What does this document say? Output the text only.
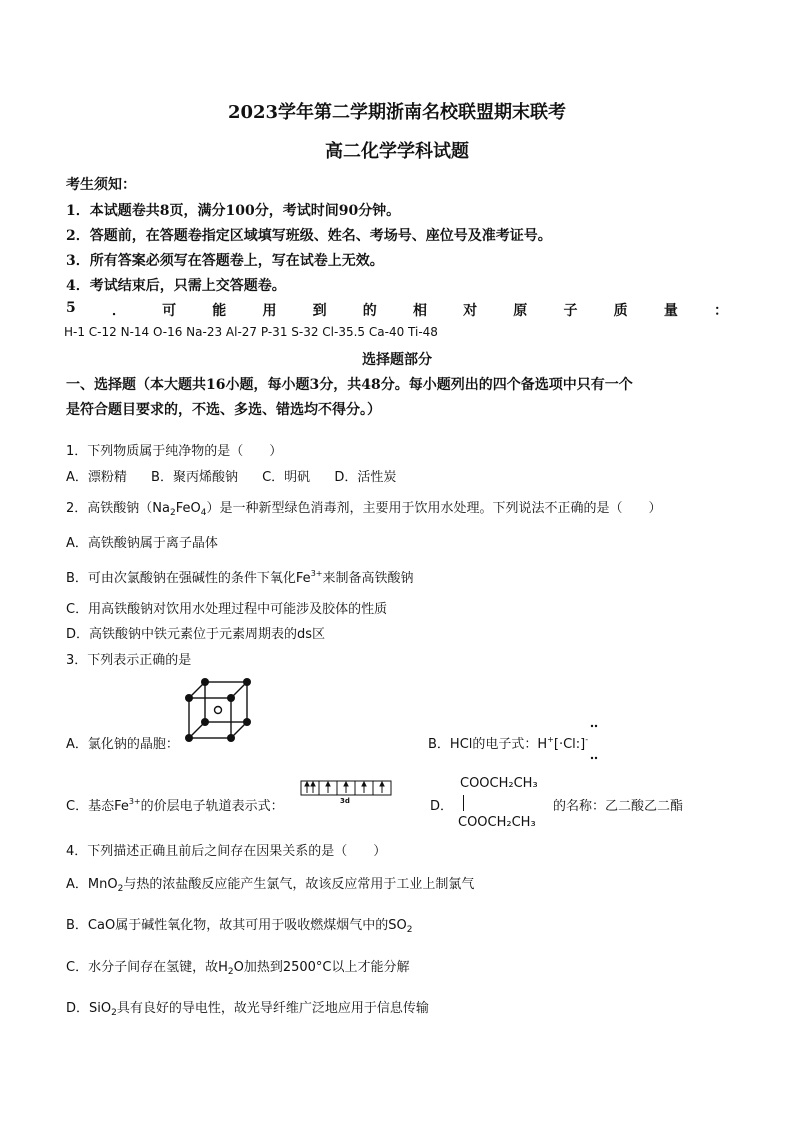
2023学年第二学期浙南名校联盟期末联考
高二化学学科试题
考生须知：
1．本试题卷共8页，满分100分，考试时间90分钟。
2．答题前，在答题卷指定区域填写班级、姓名、考场号、座位号及准考证号。
3．所有答案必须写在答题卷上，写在试卷上无效。
4．考试结束后，只需上交答题卷。
5	．	可	能	用	到	的	相	对	原	子	质	量	：
H-1 C-12 N-14 O-16 Na-23 Al-27 P-31 S-32 Cl-35.5 Ca-40 Ti-48
选择题部分
一、选择题（本大题共16小题，每小题3分，共48分。每小题列出的四个备选项中只有一个
是符合题目要求的，不选、多选、错选均不得分。）
1．下列物质属于纯净物的是（　　）
A．漂粉精 B．聚丙烯酸钠 C．明矾 D．活性炭
2．高铁酸钠$(Na_2FeO_4)$是一种新型绿色消毒剂，主要用于饮用水处理。下列说法不正确的是（　　）
A．高铁酸钠属于离子晶体
B．可由次氯酸钠在强碱性的条件下氧化$Fe^{3+}$来制备高铁酸钠
C．用高铁酸钠对饮用水处理过程中可能涉及胶体的性质
D．高铁酸钠中铁元素位于元素周期表的ds区
3．下列表示正确的是
A．氯化钠的晶胞：	B．HCl的电子式：H+[·Cl:]-
C．基态$Fe^{3+}$的价层电子轨道表示式：	3d	D．
COOCH₂CH₃
COOCH₂CH₃
的名称：乙二酸乙二酯
4．下列描述正确且前后之间存在因果关系的是（　　）
A．MnO$_2$与热的浓盐酸反应能产生氯气，故该反应常用于工业上制氯气
B．CaO属于碱性氧化物，故其可用于吸收燃煤烟气中的$SO_2$
C．水分子间存在氢键，故$H_2O$加热到2500°C以上才能分解
D．SiO$_2$具有良好的导电性，故光导纤维广泛地应用于信息传输
